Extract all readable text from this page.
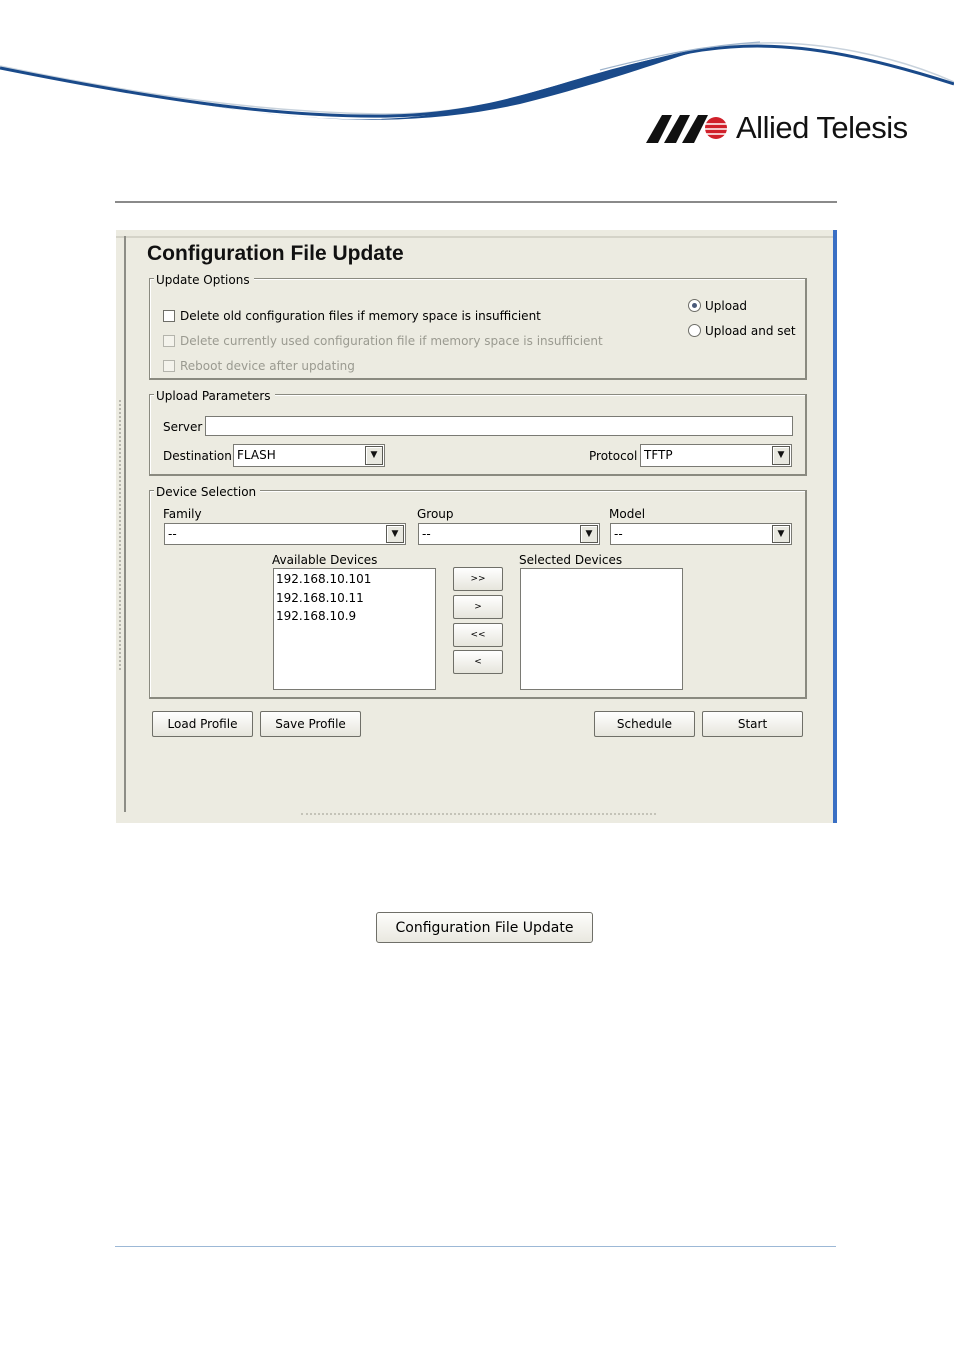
Allied Telesis
Configuration File Update
Update Options
Delete old configuration files if memory space is insufficient
Delete currently used configuration file if memory space is insufficient
Reboot device after updating
Upload
Upload and set
Upload Parameters
Server
Destination FLASH	▼	Protocol TFTP	▼
Device Selection
Family
--	▼
Group
--	▼
Model
--	▼
Available Devices
192.168.10.101
192.168.10.11
192.168.10.9
>>
>
<<
<
Selected Devices
Load Profile	Save Profile	Schedule	Start
Configuration File Update
